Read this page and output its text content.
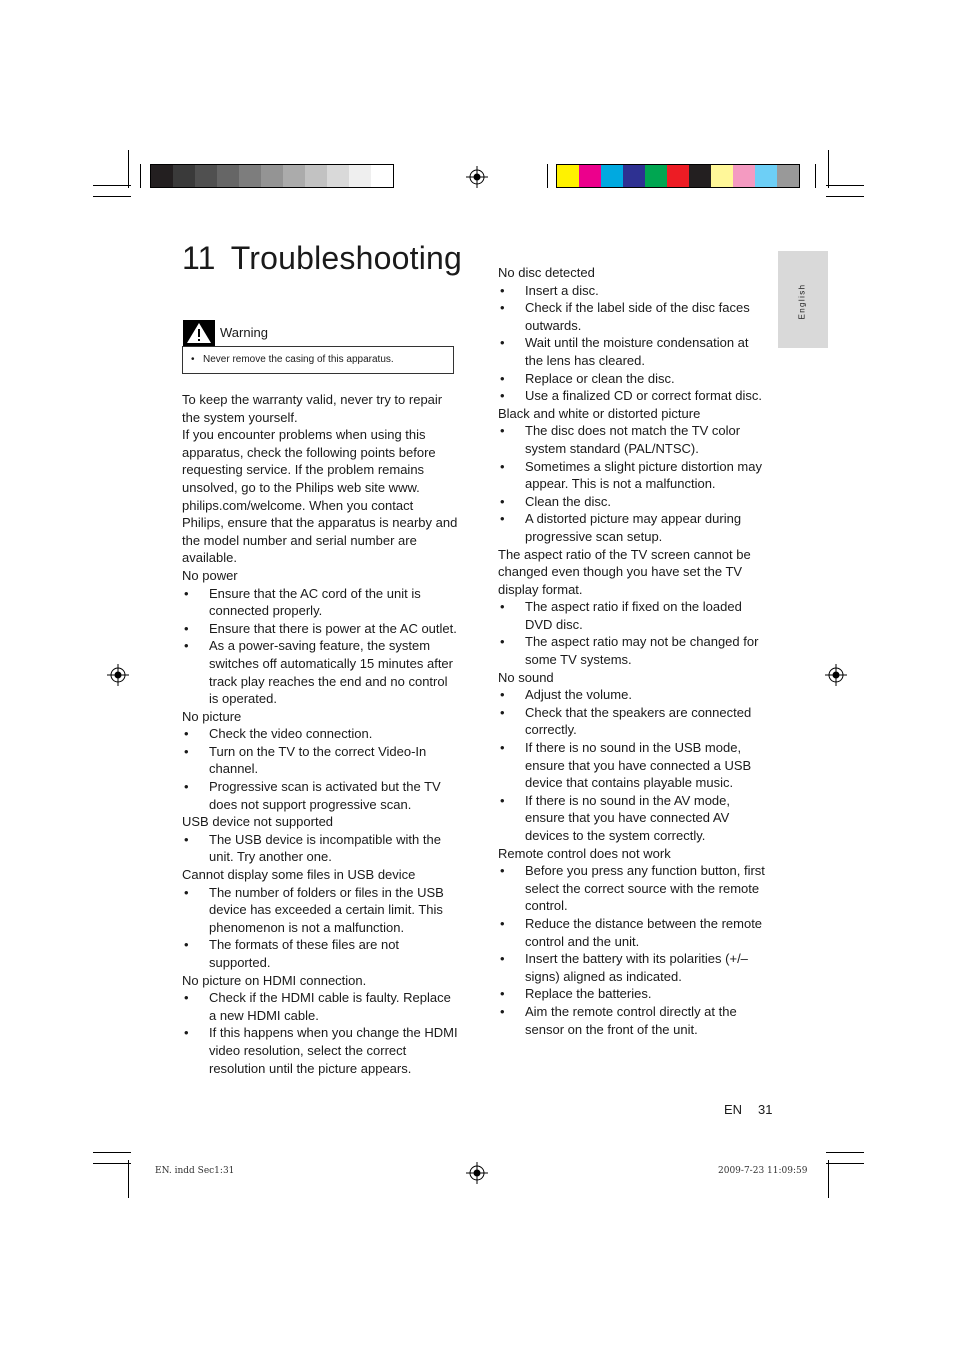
11 Troubleshooting
Warning
• Never remove the casing of this apparatus.

To keep the warranty valid, never try to repair the system yourself.

If you encounter problems when using this apparatus, check the following points before requesting service. If the problem remains unsolved, go to the Philips web site www. philips.com/welcome. When you contact Philips, ensure that the apparatus is nearby and the model number and serial number are available.

No power

• Ensure that the AC cord of the unit is connected properly.
• Ensure that there is power at the AC outlet.
• As a power-saving feature, the system switches off automatically 15 minutes after track play reaches the end and no control is operated.

No picture

• Check the video connection.
• Turn on the TV to the correct Video-In channel.
• Progressive scan is activated but the TV does not support progressive scan.

USB device not supported

• The USB device is incompatible with the unit. Try another one.

Cannot display some files in USB device

• The number of folders or files in the USB device has exceeded a certain limit. This phenomenon is not a malfunction.
• The formats of these files are not supported.

No picture on HDMI connection.

• Check if the HDMI cable is faulty. Replace a new HDMI cable.
• If this happens when you change the HDMI video resolution, select the correct resolution until the picture appears.

No disc detected

• Insert a disc.
• Check if the label side of the disc faces outwards.
• Wait until the moisture condensation at the lens has cleared.
• Replace or clean the disc.
• Use a finalized CD or correct format disc.

Black and white or distorted picture

• The disc does not match the TV color system standard (PAL/NTSC).
• Sometimes a slight picture distortion may appear. This is not a malfunction.
• Clean the disc.
• A distorted picture may appear during progressive scan setup.

The aspect ratio of the TV screen cannot be changed even though you have set the TV display format.

• The aspect ratio if fixed on the loaded DVD disc.
• The aspect ratio may not be changed for some TV systems.

No sound

• Adjust the volume.
• Check that the speakers are connected correctly.
• If there is no sound in the USB mode, ensure that you have connected a USB device that contains playable music.
• If there is no sound in the AV mode, ensure that you have connected AV devices to the system correctly.

Remote control does not work

• Before you press any function button, first select the correct source with the remote control.
• Reduce the distance between the remote control and the unit.
• Insert the battery with its polarities (+/– signs) aligned as indicated.
• Replace the batteries.
• Aim the remote control directly at the sensor on the front of the unit.
English
EN 31
EN. indd Sec1:31	2009-7-23 11:09:59
